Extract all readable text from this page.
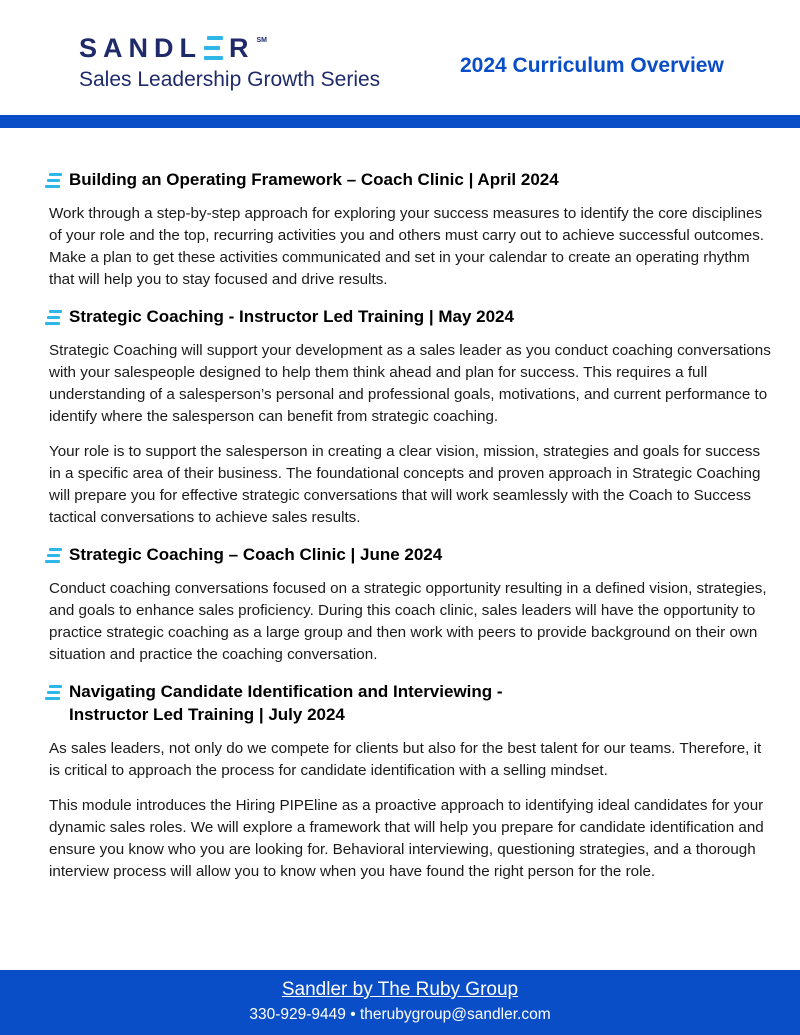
SANDL R SM
Sales Leadership Growth Series
2024 Curriculum Overview
Building an Operating Framework – Coach Clinic | April 2024

Work through a step-by-step approach for exploring your success measures to identify the core disciplines of your role and the top, recurring activities you and others must carry out to achieve successful outcomes. Make a plan to get these activities communicated and set in your calendar to create an operating rhythm that will help you to stay focused and drive results.

Strategic Coaching - Instructor Led Training | May 2024

Strategic Coaching will support your development as a sales leader as you conduct coaching conversations with your salespeople designed to help them think ahead and plan for success. This requires a full understanding of a salesperson’s personal and professional goals, motivations, and current performance to identify where the salesperson can benefit from strategic coaching.

Your role is to support the salesperson in creating a clear vision, mission, strategies and goals for success in a specific area of their business. The foundational concepts and proven approach in Strategic Coaching will prepare you for effective strategic conversations that will work seamlessly with the Coach to Success tactical conversations to achieve sales results.

Strategic Coaching – Coach Clinic | June 2024

Conduct coaching conversations focused on a strategic opportunity resulting in a defined vision, strategies, and goals to enhance sales proficiency. During this coach clinic, sales leaders will have the opportunity to practice strategic coaching as a large group and then work with peers to provide background on their own situation and practice the coaching conversation.

Navigating Candidate Identification and Interviewing -
Instructor Led Training | July 2024

As sales leaders, not only do we compete for clients but also for the best talent for our teams. Therefore, it is critical to approach the process for candidate identification with a selling mindset.

This module introduces the Hiring PIPEline as a proactive approach to identifying ideal candidates for your dynamic sales roles. We will explore a framework that will help you prepare for candidate identification and ensure you know who you are looking for. Behavioral interviewing, questioning strategies, and a thorough interview process will allow you to know when you have found the right person for the role.

Sandler by The Ruby Group
330-929-9449 • therubygroup@sandler.com
